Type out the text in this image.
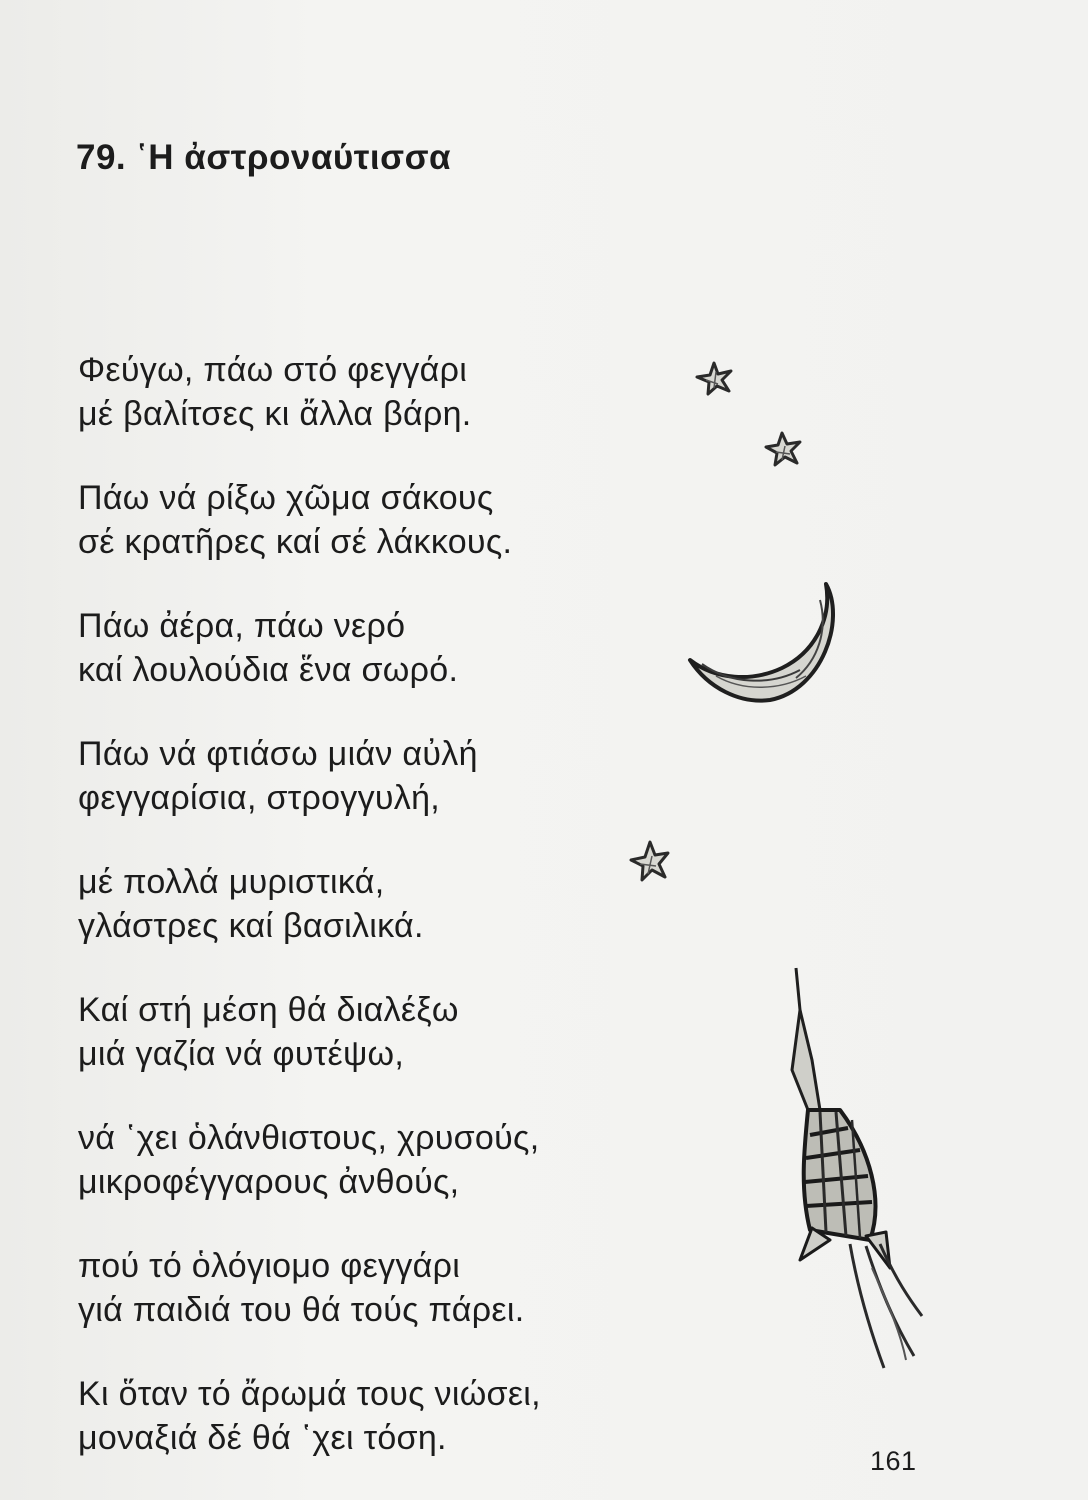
79. ῾Η ἀστροναύτισσα
Φεύγω, πάω στό φεγγάρι
μέ βαλίτσες κι ἄλλα βάρη.
Πάω νά ρίξω χῶμα σάκους
σέ κρατῆρες καί σέ λάκκους.
Πάω ἀέρα, πάω νερό
καί λουλούδια ἕνα σωρό.
Πάω νά φτιάσω μιάν αὐλή
φεγγαρίσια, στρογγυλή,
μέ πολλά μυριστικά,
γλάστρες καί βασιλικά.
Καί στή μέση θά διαλέξω
μιά γαζία νά φυτέψω,
νά ῾χει ὁλάνθιστους, χρυσούς,
μικροφέγγαρους ἀνθούς,
πού τό ὁλόγιομο φεγγάρι
γιά παιδιά του θά τούς πάρει.
Κι ὅταν τό ἄρωμά τους νιώσει,
μοναξιά δέ θά ῾χει τόση.
161
